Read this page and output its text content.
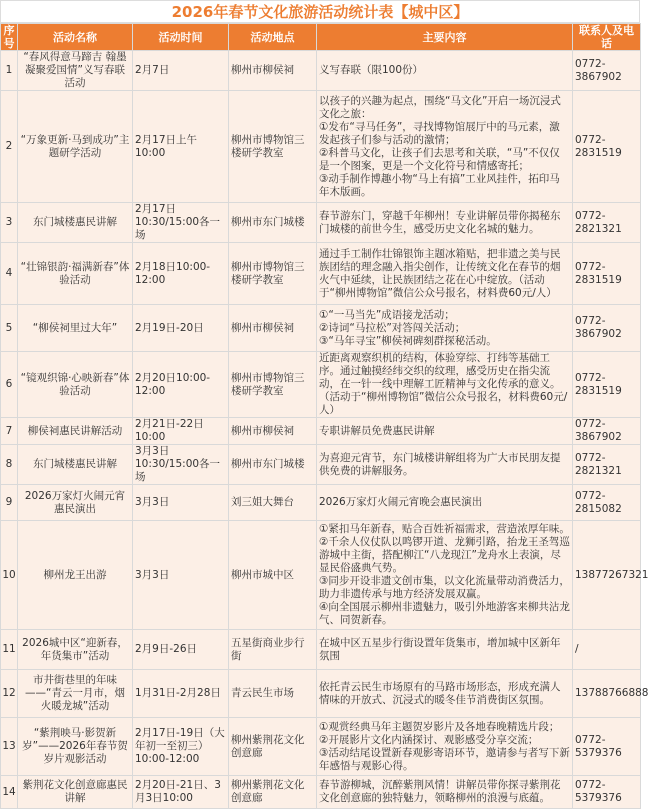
2026年春节文化旅游活动统计表【城中区】
序号	活动名称	活动时间	活动地点	主要内容	联系人及电话
1	“春风得意马蹄吉 翰墨凝聚爱国情”义写春联活动	2月7日	柳州市柳侯祠	义写春联（限100份）	0772-3867902
2	“万象更新·马到成功”主题研学活动	2月17日上午10:00	柳州市博物馆三楼研学教室	以孩子的兴趣为起点，围绕“马文化”开启一场沉浸式文化之旅：
①发布“寻马任务”，寻找博物馆展厅中的马元素，激发起孩子们参与活动的激情；
②科普马文化，让孩子们去思考和关联，“马”不仅仅是一个图案，更是一个文化符号和情感寄托；
③动手制作博趣小物“马上有搞”工业风挂件，拓印马年木版画。	0772-2831519
3	东门城楼惠民讲解	2月17日10:30/15:00各一场	柳州市东门城楼	春节游东门，穿越千年柳州！专业讲解员带你揭秘东门城楼的前世今生，感受历史文化名城的魅力。	0772-2821321
4	“壮锦银韵·福满新春”体验活动	2月18日10:00-12:00	柳州市博物馆三楼研学教室	通过手工制作壮锦银饰主题冰箱贴，把非遗之美与民族团结的理念融入指尖创作，让传统文化在春节的烟火气中延续，让民族团结之花在心中绽放。（活动于“柳州博物馆”微信公众号报名，材料费60元/人）	0772-2831519
5	“柳侯祠里过大年”	2月19日-20日	柳州市柳侯祠	①“一马当先”成语接龙活动；
②诗词“马拉松”对答闯关活动；
③“马年寻宝”柳侯祠碑刻群探秘活动。	0772-3867902
6	“镜观织锦·心映新春”体验活动	2月20日10:00-12:00	柳州市博物馆三楼研学教室	近距离观察织机的结构，体验穿综、打纬等基础工序。通过触摸经纬交织的纹理，感受历史在指尖流动，在一针一线中理解工匠精神与文化传承的意义。（活动于“柳州博物馆”微信公众号报名，材料费60元/人）	0772-2831519
7	柳侯祠惠民讲解活动	2月21日-22日10:00	柳州市柳侯祠	专职讲解员免费惠民讲解	0772-3867902
8	东门城楼惠民讲解	3月3日10:30/15:00各一场	柳州市东门城楼	为喜迎元宵节，东门城楼讲解组将为广大市民朋友提供免费的讲解服务。	0772-2821321
9	2026万家灯火闹元宵惠民演出	3月3日	刘三姐大舞台	2026万家灯火闹元宵晚会惠民演出	0772-2815082
10	柳州龙王出游	3月3日	柳州市城中区	①紧扣马年新春，贴合百姓祈福需求，营造浓厚年味。
②千余人仪仗队以鸣锣开道、龙狮引路，抬龙王圣驾巡游城中主街，搭配柳江“八龙现江”龙舟水上表演，尽显民俗盛典气势。
③同步开设非遗文创市集，以文化流量带动消费活力，助力非遗传承与地方经济发展双赢。
④向全国展示柳州非遗魅力，吸引外地游客来柳共沾龙气、同贺新春。	13877267321
11	2026城中区“迎新春，年货集市”活动	2月9日-26日	五星街商业步行街	在城中区五星步行街设置年货集市，增加城中区新年氛围	/
12	市井街巷里的年味——“青云一月市，烟火暖龙城”活动	1月31日-2月28日	青云民生市场	依托青云民生市场原有的马路市场形态，形成充满人情味的开放式、沉浸式的暖冬佳节消费街区氛围。	13788766888
13	“紫荆映马·影贺新岁”——2026年春节贺岁片观影活动	2月17日-19日（大年初一至初三）10:00-12:00	柳州紫荆花文化创意廊	①观赏经典马年主题贺岁影片及各地春晚精选片段；
②开展影片文化内涵探讨、观影感受分享交流；
③活动结尾设置新春观影寄语环节，邀请参与者写下新年感悟与观影心得。	0772-5379376
14	紫荆花文化创意廊惠民讲解	2月20日-21日、3月3日10:00	柳州紫荆花文化创意廊	春节游柳城，沉醉紫荆风情！讲解员带你探寻紫荆花文化创意廊的独特魅力，领略柳州的浪漫与底蕴。	0772-5379376
